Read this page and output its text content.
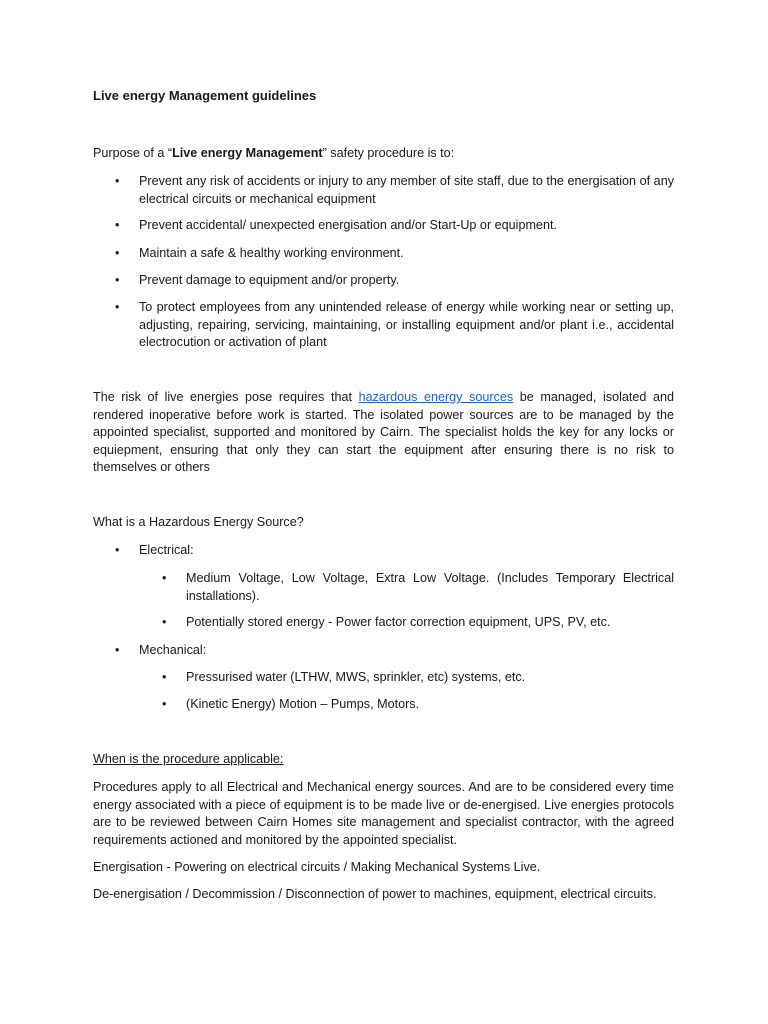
Live energy Management guidelines
Purpose of a “Live energy Management” safety procedure is to:
• Prevent any risk of accidents or injury to any member of site staff, due to the energisation of any electrical circuits or mechanical equipment
• Prevent accidental/ unexpected energisation and/or Start-Up or equipment.
• Maintain a safe & healthy working environment.
• Prevent damage to equipment and/or property.
• To protect employees from any unintended release of energy while working near or setting up, adjusting, repairing, servicing, maintaining, or installing equipment and/or plant i.e., accidental electrocution or activation of plant
The risk of live energies pose requires that hazardous energy sources be managed, isolated and rendered inoperative before work is started. The isolated power sources are to be managed by the appointed specialist, supported and monitored by Cairn. The specialist holds the key for any locks or equiepment, ensuring that only they can start the equipment after ensuring there is no risk to themselves or others
What is a Hazardous Energy Source?
• Electrical:
• Medium Voltage, Low Voltage, Extra Low Voltage. (Includes Temporary Electrical installations).
• Potentially stored energy - Power factor correction equipment, UPS, PV, etc.
• Mechanical:
• Pressurised water (LTHW, MWS, sprinkler, etc) systems, etc.
• (Kinetic Energy) Motion – Pumps, Motors.
When is the procedure applicable:
Procedures apply to all Electrical and Mechanical energy sources. And are to be considered every time energy associated with a piece of equipment is to be made live or de-energised. Live energies protocols are to be reviewed between Cairn Homes site management and specialist contractor, with the agreed requirements actioned and monitored by the appointed specialist.
Energisation - Powering on electrical circuits / Making Mechanical Systems Live.
De-energisation / Decommission / Disconnection of power to machines, equipment, electrical circuits.
